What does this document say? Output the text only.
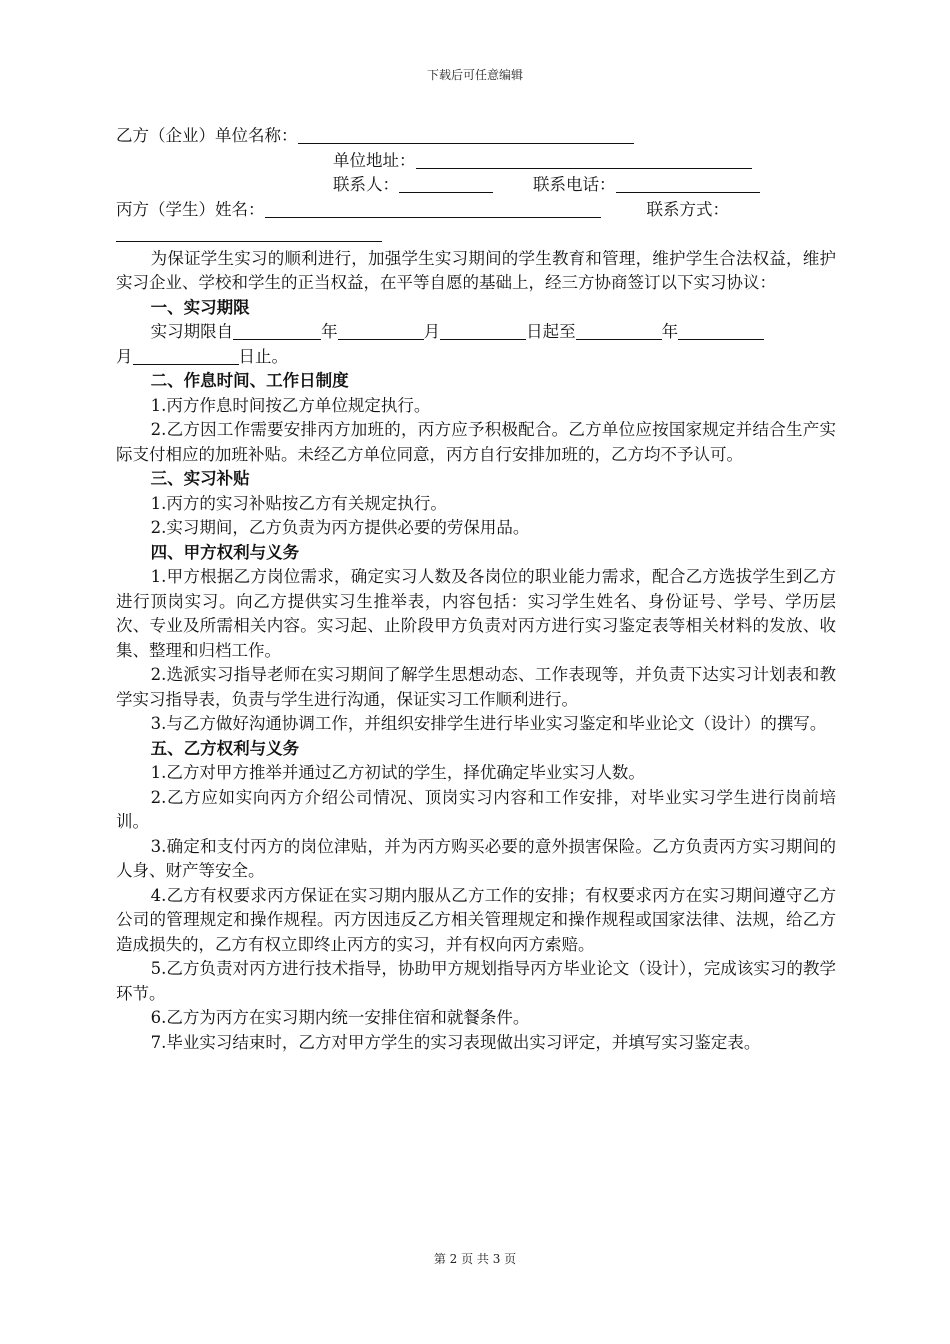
下载后可任意编辑
乙方（企业）单位名称：
单位地址：
联系人：	联系电话：
丙方（学生）姓名：	联系方式：

为保证学生实习的顺利进行，加强学生实习期间的学生教育和管理，维护学生合法权益，维护实习企业、学校和学生的正当权益，在平等自愿的基础上，经三方协商签订以下实习协议：

一、实习期限
实习期限自	年	月	日起至	年
月	日止。
二、作息时间、工作日制度

1.丙方作息时间按乙方单位规定执行。

2.乙方因工作需要安排丙方加班的，丙方应予积极配合。乙方单位应按国家规定并结合生产实际支付相应的加班补贴。未经乙方单位同意，丙方自行安排加班的，乙方均不予认可。

三、实习补贴

1.丙方的实习补贴按乙方有关规定执行。

2.实习期间，乙方负责为丙方提供必要的劳保用品。

四、甲方权利与义务

1.甲方根据乙方岗位需求，确定实习人数及各岗位的职业能力需求，配合乙方选拔学生到乙方进行顶岗实习。向乙方提供实习生推举表，内容包括：实习学生姓名、身份证号、学号、学历层次、专业及所需相关内容。实习起、止阶段甲方负责对丙方进行实习鉴定表等相关材料的发放、收集、整理和归档工作。

2.选派实习指导老师在实习期间了解学生思想动态、工作表现等，并负责下达实习计划表和教学实习指导表，负责与学生进行沟通，保证实习工作顺利进行。

3.与乙方做好沟通协调工作，并组织安排学生进行毕业实习鉴定和毕业论文（设计）的撰写。

五、乙方权利与义务

1.乙方对甲方推举并通过乙方初试的学生，择优确定毕业实习人数。

2.乙方应如实向丙方介绍公司情况、顶岗实习内容和工作安排，对毕业实习学生进行岗前培训。

3.确定和支付丙方的岗位津贴，并为丙方购买必要的意外损害保险。乙方负责丙方实习期间的人身、财产等安全。

4.乙方有权要求丙方保证在实习期内服从乙方工作的安排；有权要求丙方在实习期间遵守乙方公司的管理规定和操作规程。丙方因违反乙方相关管理规定和操作规程或国家法律、法规，给乙方造成损失的，乙方有权立即终止丙方的实习，并有权向丙方索赔。

5.乙方负责对丙方进行技术指导，协助甲方规划指导丙方毕业论文（设计），完成该实习的教学环节。

6.乙方为丙方在实习期内统一安排住宿和就餐条件。

7.毕业实习结束时，乙方对甲方学生的实习表现做出实习评定，并填写实习鉴定表。

第 2 页 共 3 页
